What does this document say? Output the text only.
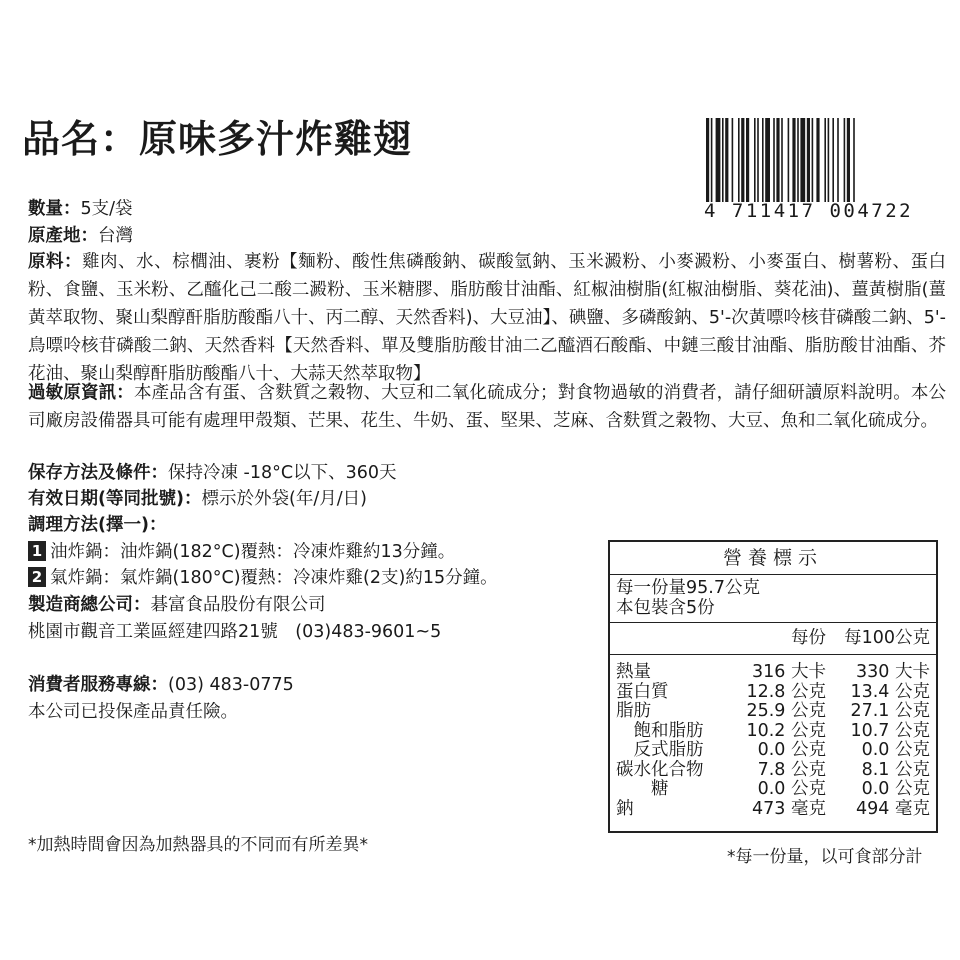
品名：原味多汁炸雞翅
4 711417 004722
數量：5支/袋
原產地：台灣
原料：雞肉、水、棕櫚油、裹粉【麵粉、酸性焦磷酸鈉、碳酸氫鈉、玉米澱粉、小麥澱粉、小麥蛋白、樹薯粉、蛋白粉、食鹽、玉米粉、乙醯化己二酸二澱粉、玉米糖膠、脂肪酸甘油酯、紅椒油樹脂(紅椒油樹脂、葵花油)、薑黃樹脂(薑黃萃取物、聚山梨醇酐脂肪酸酯八十、丙二醇、天然香料)、大豆油】、碘鹽、多磷酸鈉、5'-次黃嘌呤核苷磷酸二鈉、5'-鳥嘌呤核苷磷酸二鈉、天然香料【天然香料、單及雙脂肪酸甘油二乙醯酒石酸酯、中鏈三酸甘油酯、脂肪酸甘油酯、芥花油、聚山梨醇酐脂肪酸酯八十、大蒜天然萃取物】
過敏原資訊：本產品含有蛋、含麩質之穀物、大豆和二氧化硫成分；對食物過敏的消費者，請仔細研讀原料說明。本公司廠房設備器具可能有處理甲殼類、芒果、花生、牛奶、蛋、堅果、芝麻、含麩質之穀物、大豆、魚和二氧化硫成分。
保存方法及條件：保持冷凍 -18°C以下、360天
有效日期(等同批號)：標示於外袋(年/月/日)
調理方法(擇一)：
1 油炸鍋：油炸鍋(182°C)覆熱：冷凍炸雞約13分鐘。
2 氣炸鍋：氣炸鍋(180°C)覆熱：冷凍炸雞(2支)約15分鐘。
製造商總公司：碁富食品股份有限公司
桃園市觀音工業區經建四路21號　(03)483-9601~5
消費者服務專線：(03) 483-0775
本公司已投保產品責任險。
*加熱時間會因為加熱器具的不同而有所差異*
營養標示
每一份量95.7公克
本包裝含5份
每份 每100公克
熱量	316 大卡 330 大卡
蛋白質	12.8 公克 13.4 公克
脂肪	25.9 公克 27.1 公克
　飽和脂肪 10.2 公克 10.7 公克
　反式脂肪	0.0 公克 0.0 公克
碳水化合物	7.8 公克 8.1 公克
　　糖	0.0 公克 0.0 公克
鈉	473 毫克 494 毫克
*每一份量，以可食部分計
